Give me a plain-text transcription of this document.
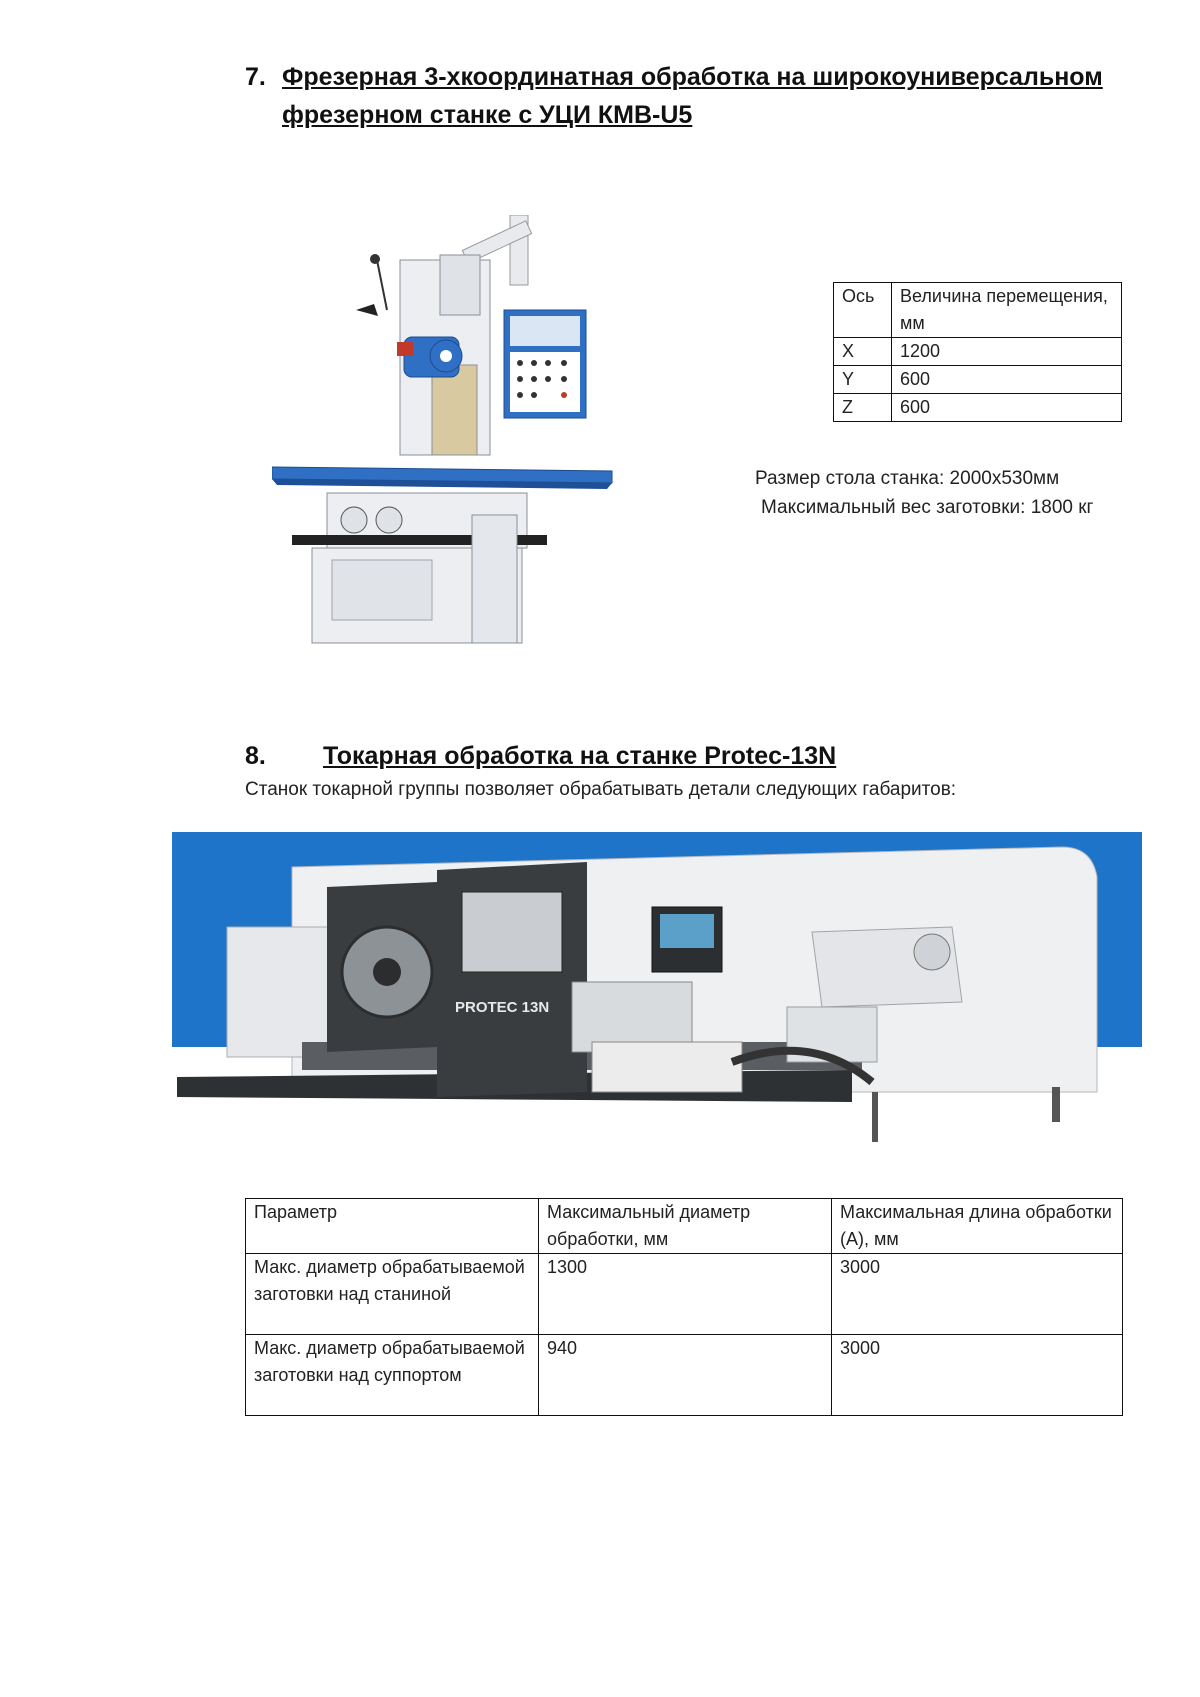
7. Фрезерная 3-хкоординатная обработка на широкоуниверсальном фрезерном станке с УЦИ КМВ-U5
Ось	Величина перемещения, мм
X	1200
Y	600
Z	600
Размер стола станка: 2000х530мм
Максимальный вес заготовки: 1800 кг
8. Токарная обработка на станке Protec-13N
Станок токарной группы позволяет обрабатывать детали следующих габаритов:
PROTEC 13N
Параметр	Максимальный диаметр обработки, мм	Максимальная длина обработки (А), мм
Макс. диаметр обрабатываемой заготовки над станиной	1300	3000
Макс. диаметр обрабатываемой заготовки над суппортом	940	3000
